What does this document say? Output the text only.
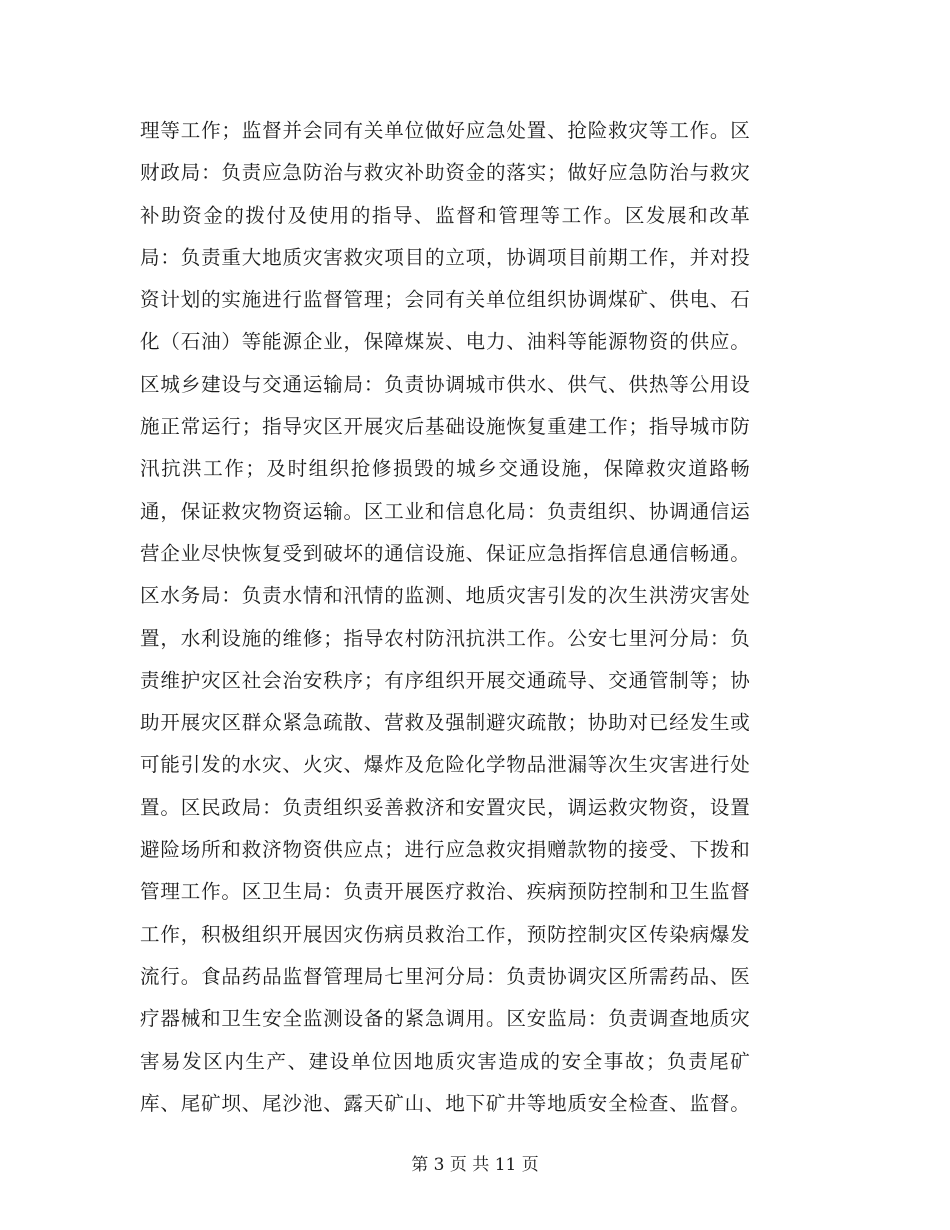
理等工作；监督并会同有关单位做好应急处置、抢险救灾等工作。区
财政局：负责应急防治与救灾补助资金的落实；做好应急防治与救灾
补助资金的拨付及使用的指导、监督和管理等工作。区发展和改革
局：负责重大地质灾害救灾项目的立项，协调项目前期工作，并对投
资计划的实施进行监督管理；会同有关单位组织协调煤矿、供电、石
化（石油）等能源企业，保障煤炭、电力、油料等能源物资的供应。
区城乡建设与交通运输局：负责协调城市供水、供气、供热等公用设
施正常运行；指导灾区开展灾后基础设施恢复重建工作；指导城市防
汛抗洪工作；及时组织抢修损毁的城乡交通设施，保障救灾道路畅
通，保证救灾物资运输。区工业和信息化局：负责组织、协调通信运
营企业尽快恢复受到破坏的通信设施、保证应急指挥信息通信畅通。
区水务局：负责水情和汛情的监测、地质灾害引发的次生洪涝灾害处
置，水利设施的维修；指导农村防汛抗洪工作。公安七里河分局：负
责维护灾区社会治安秩序；有序组织开展交通疏导、交通管制等；协
助开展灾区群众紧急疏散、营救及强制避灾疏散；协助对已经发生或
可能引发的水灾、火灾、爆炸及危险化学物品泄漏等次生灾害进行处
置。区民政局：负责组织妥善救济和安置灾民，调运救灾物资，设置
避险场所和救济物资供应点；进行应急救灾捐赠款物的接受、下拨和
管理工作。区卫生局：负责开展医疗救治、疾病预防控制和卫生监督
工作，积极组织开展因灾伤病员救治工作，预防控制灾区传染病爆发
流行。食品药品监督管理局七里河分局：负责协调灾区所需药品、医
疗器械和卫生安全监测设备的紧急调用。区安监局：负责调查地质灾
害易发区内生产、建设单位因地质灾害造成的安全事故；负责尾矿
库、尾矿坝、尾沙池、露天矿山、地下矿井等地质安全检查、监督。
第 3 页 共 11 页
